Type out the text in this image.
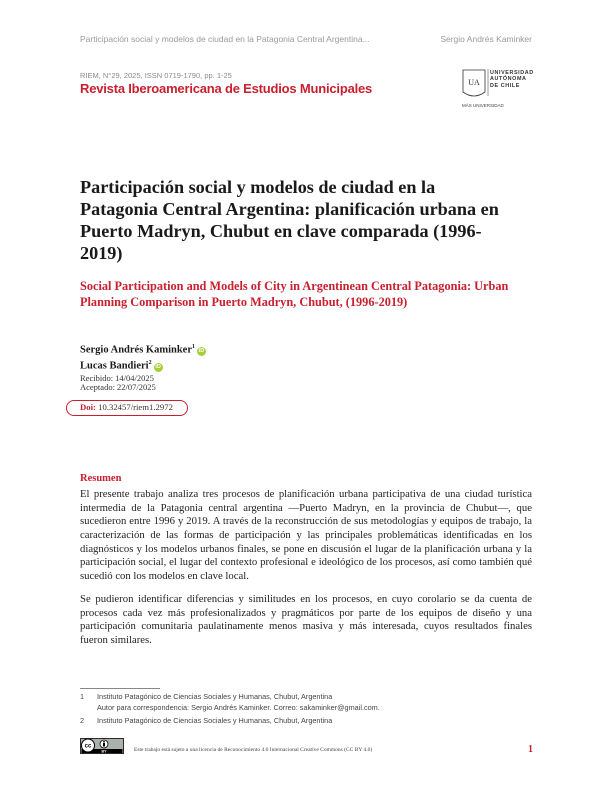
Participación social y modelos de ciudad en la Patagonia Central Argentina...	Sergio Andrés Kaminker
RIEM, N°29, 2025, ISSN 0719-1790, pp. 1-25
Revista Iberoamericana de Estudios Municipales	UA
UNIVERSIDAD
AUTÓNOMA
DE CHILE
MÁS UNIVERSIDAD
Participación social y modelos de ciudad en la Patagonia Central Argentina: planificación urbana en Puerto Madryn, Chubut en clave comparada (1996-2019)
Social Participation and Models of City in Argentinean Central Patagonia: Urban Planning Comparison in Puerto Madryn, Chubut, (1996-2019)
Sergio Andrés Kaminker$^1$iD
Lucas Bandieri$^2$iD
Recibido: 14/04/2025
Aceptado: 22/07/2025
Doi: 10.32457/riem1.2972
Resumen
El presente trabajo analiza tres procesos de planificación urbana participativa de una ciudad turística intermedia de la Patagonia central argentina —Puerto Madryn, en la provincia de Chubut—, que sucedieron entre 1996 y 2019. A través de la reconstrucción de sus metodologías y equipos de trabajo, la caracterización de las formas de participación y las principales problemáticas identificadas en los diagnósticos y los modelos urbanos finales, se pone en discusión el lugar de la planificación urbana y la participación social, el lugar del contexto profesional e ideológico de los procesos, así como también qué sucedió con los modelos en clave local.
Se pudieron identificar diferencias y similitudes en los procesos, en cuyo corolario se da cuenta de procesos cada vez más profesionalizados y pragmáticos por parte de los equipos de diseño y una participación comunitaria paulatinamente menos masiva y más interesada, cuyos resultados finales fueron similares.
1 Instituto Patagónico de Ciencias Sociales y Humanas, Chubut, Argentina
Autor para correspondencia: Sergio Andrés Kaminker. Correo: sakaminker@gmail.com.
2 Instituto Patagónico de Ciencias Sociales y Humanas, Chubut, Argentina
cc
BY	Este trabajo está sujeto a una licencia de Reconocimiento 4.0 Internacional Creative Commons (CC BY 4.0)	1
